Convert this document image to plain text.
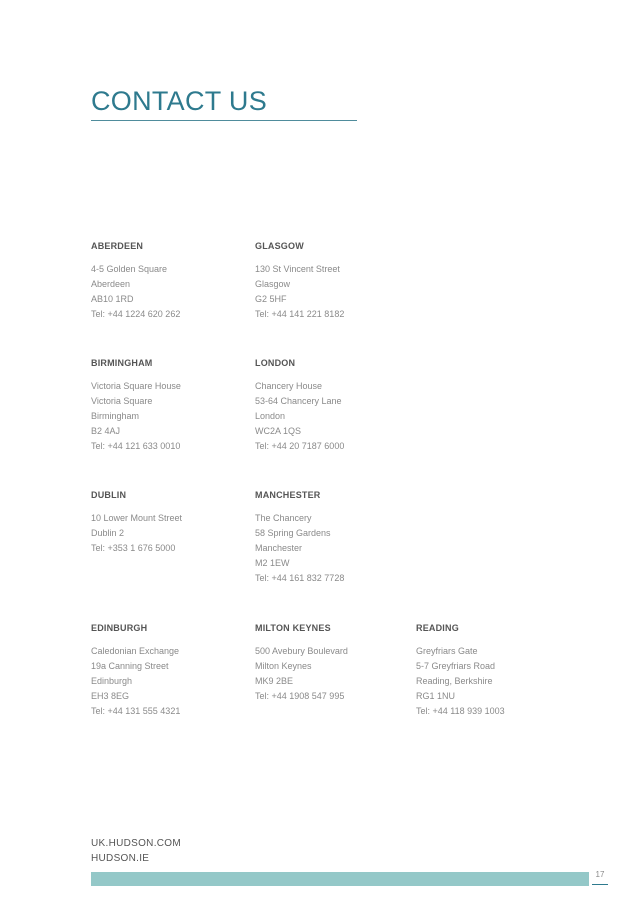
CONTACT US
ABERDEEN
4-5 Golden Square
Aberdeen
AB10 1RD
Tel: +44 1224 620 262
GLASGOW
130 St Vincent Street
Glasgow
G2 5HF
Tel: +44 141 221 8182
BIRMINGHAM
Victoria Square House
Victoria Square
Birmingham
B2 4AJ
Tel: +44 121 633 0010
LONDON
Chancery House
53-64 Chancery Lane
London
WC2A 1QS
Tel: +44 20 7187 6000
DUBLIN
10 Lower Mount Street
Dublin 2
Tel: +353 1 676 5000
MANCHESTER
The Chancery
58 Spring Gardens
Manchester
M2 1EW
Tel: +44 161 832 7728
EDINBURGH
Caledonian Exchange
19a Canning Street
Edinburgh
EH3 8EG
Tel: +44 131 555 4321
MILTON KEYNES
500 Avebury Boulevard
Milton Keynes
MK9 2BE
Tel: +44 1908 547 995
READING
Greyfriars Gate
5-7 Greyfriars Road
Reading, Berkshire
RG1 1NU
Tel: +44 118 939 1003
UK.HUDSON.COM
HUDSON.IE
17
